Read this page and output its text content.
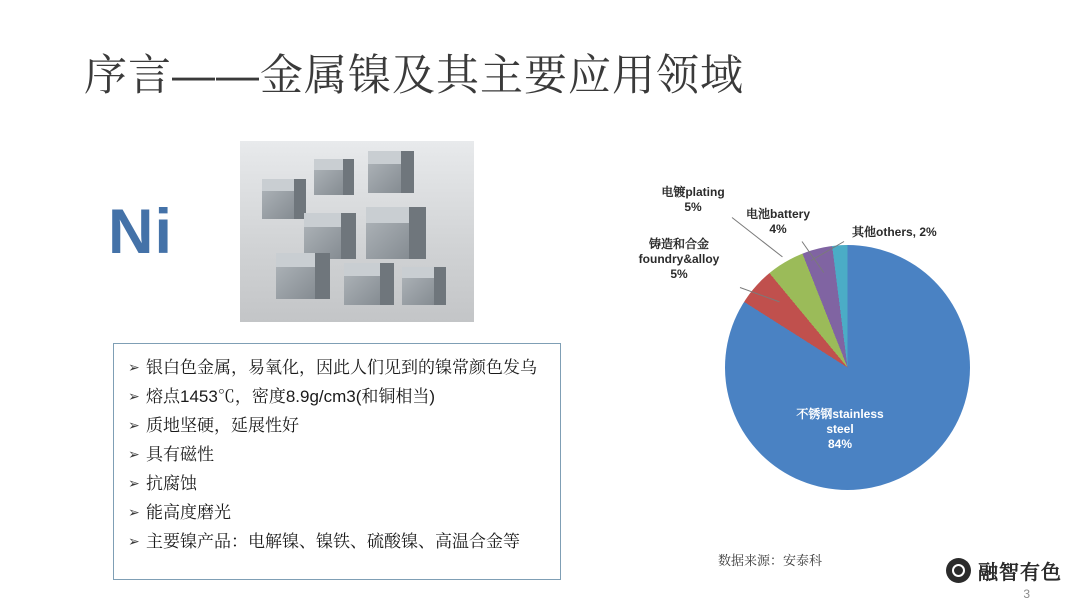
序言——金属镍及其主要应用领域
Ni
➢ 银白色金属，易氧化，因此人们见到的镍常颜色发乌
➢ 熔点1453℃，密度8.9g/cm3(和铜相当)
➢ 质地坚硬，延展性好
➢ 具有磁性
➢ 抗腐蚀
➢ 能高度磨光
➢ 主要镍产品：电解镍、镍铁、硫酸镍、高温合金等
不锈钢stainless
steel
84%
铸造和合金
foundry&alloy
5%
电镀plating
5%	电池battery
4%	其他others, 2%
数据来源：安泰科
融智有色
3
